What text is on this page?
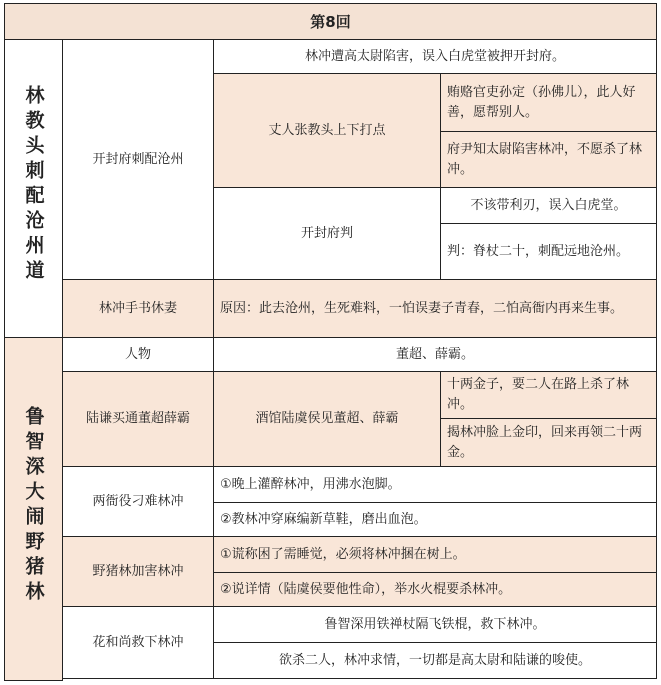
第8回			
林教头刺配沧州道	开封府刺配沧州	林冲遭高太尉陷害，误入白虎堂被押开封府。	
		丈人张教头上下打点	贿赂官吏孙定（孙佛儿），此人好善，愿帮别人。
			府尹知太尉陷害林冲，不愿杀了林冲。
		开封府判	不该带利刃，误入白虎堂。
			判：脊杖二十，刺配远地沧州。
	林冲手书休妻	原因：此去沧州，生死难料，一怕误妻子青春，二怕高衙内再来生事。	
鲁智深大闹野猪林	人物	董超、薛霸。	
	陆谦买通董超薛霸	酒馆陆虞侯见董超、薛霸	十两金子，要二人在路上杀了林冲。
			揭林冲脸上金印，回来再领二十两金。
	两衙役刁难林冲	①晚上灌醉林冲，用沸水泡脚。	
		②教林冲穿麻编新草鞋，磨出血泡。	
	野猪林加害林冲	①谎称困了需睡觉，必须将林冲捆在树上。	
		②说详情（陆虞侯要他性命），举水火棍要杀林冲。	
	花和尚救下林冲	鲁智深用铁禅杖隔飞铁棍，救下林冲。	
		欲杀二人，林冲求情，一切都是高太尉和陆谦的唆使。	
